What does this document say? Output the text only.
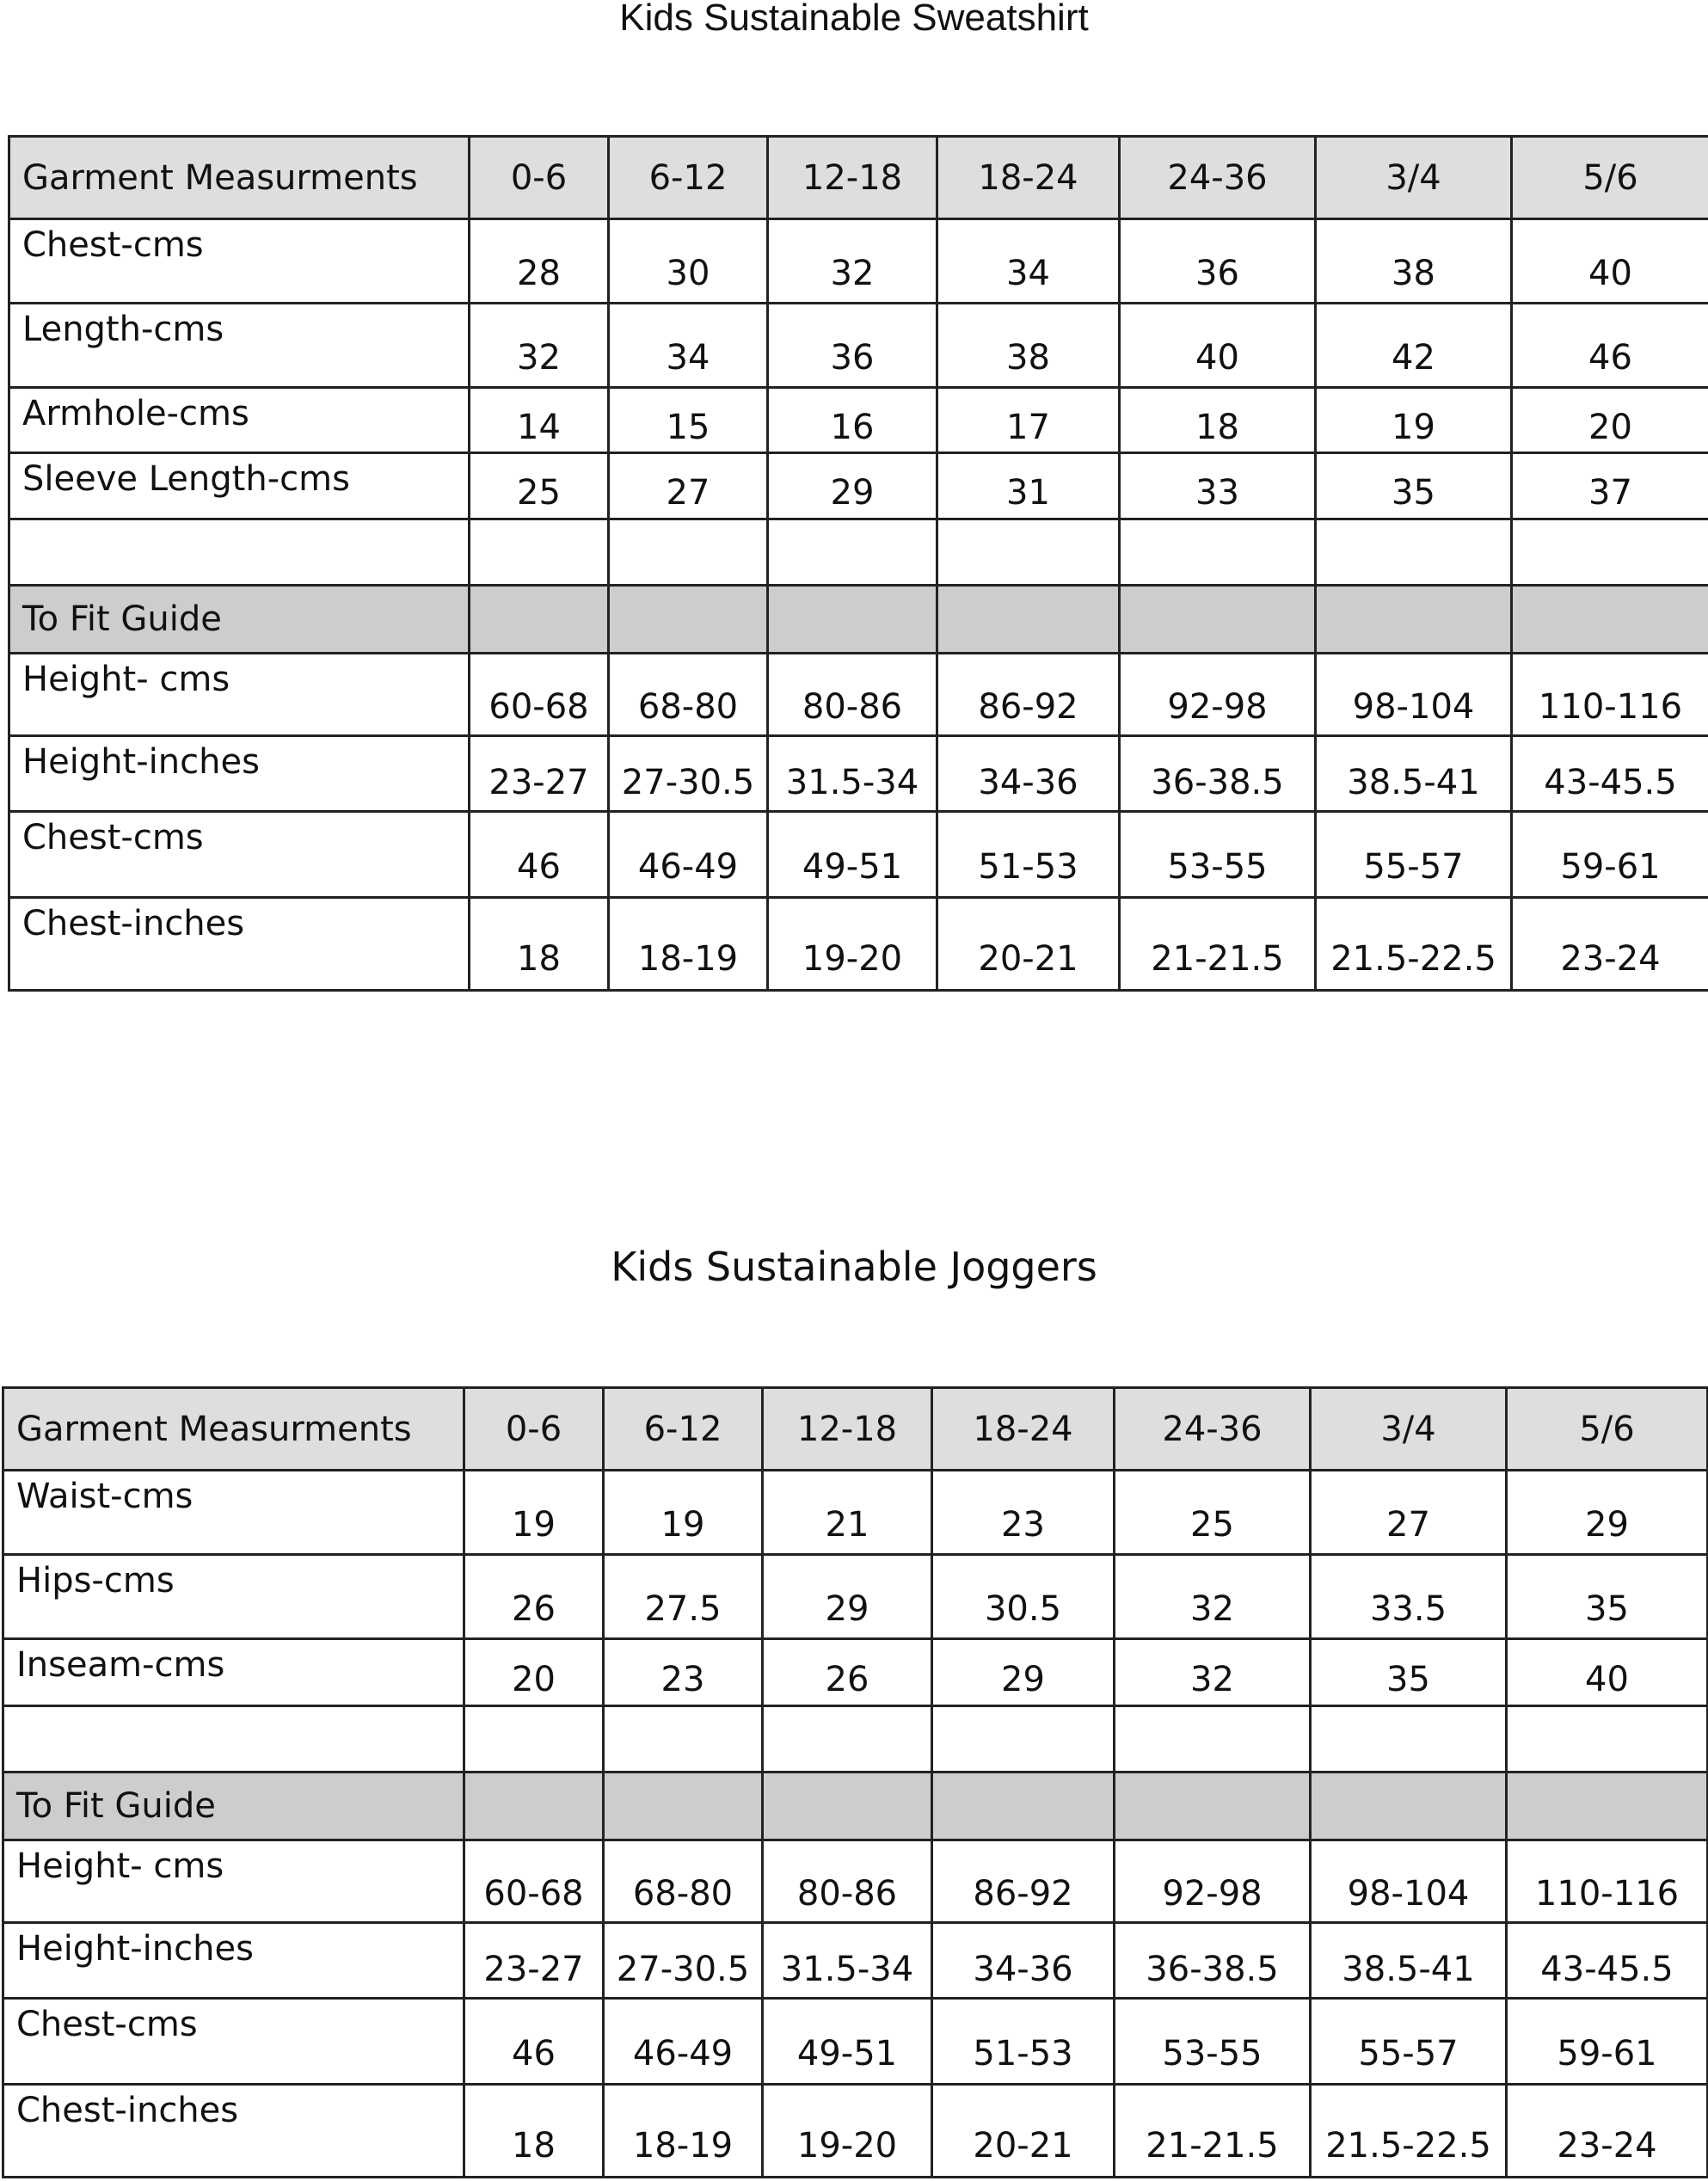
Kids Sustainable Sweatshirt
Garment Measurments	0-6	6-12	12-18	18-24	24-36	3/4	5/6
Chest-cms	28	30	32	34	36	38	40
Length-cms	32	34	36	38	40	42	46
Armhole-cms	14	15	16	17	18	19	20
Sleeve Length-cms	25	27	29	31	33	35	37

To Fit Guide							
Height- cms	60-68	68-80	80-86	86-92	92-98	98-104	110-116
Height-inches	23-27	27-30.5	31.5-34	34-36	36-38.5	38.5-41	43-45.5
Chest-cms	46	46-49	49-51	51-53	53-55	55-57	59-61
Chest-inches	18	18-19	19-20	20-21	21-21.5	21.5-22.5	23-24
Kids Sustainable Joggers
Garment Measurments	0-6	6-12	12-18	18-24	24-36	3/4	5/6
Waist-cms	19	19	21	23	25	27	29
Hips-cms	26	27.5	29	30.5	32	33.5	35
Inseam-cms	20	23	26	29	32	35	40

To Fit Guide							
Height- cms	60-68	68-80	80-86	86-92	92-98	98-104	110-116
Height-inches	23-27	27-30.5	31.5-34	34-36	36-38.5	38.5-41	43-45.5
Chest-cms	46	46-49	49-51	51-53	53-55	55-57	59-61
Chest-inches	18	18-19	19-20	20-21	21-21.5	21.5-22.5	23-24
